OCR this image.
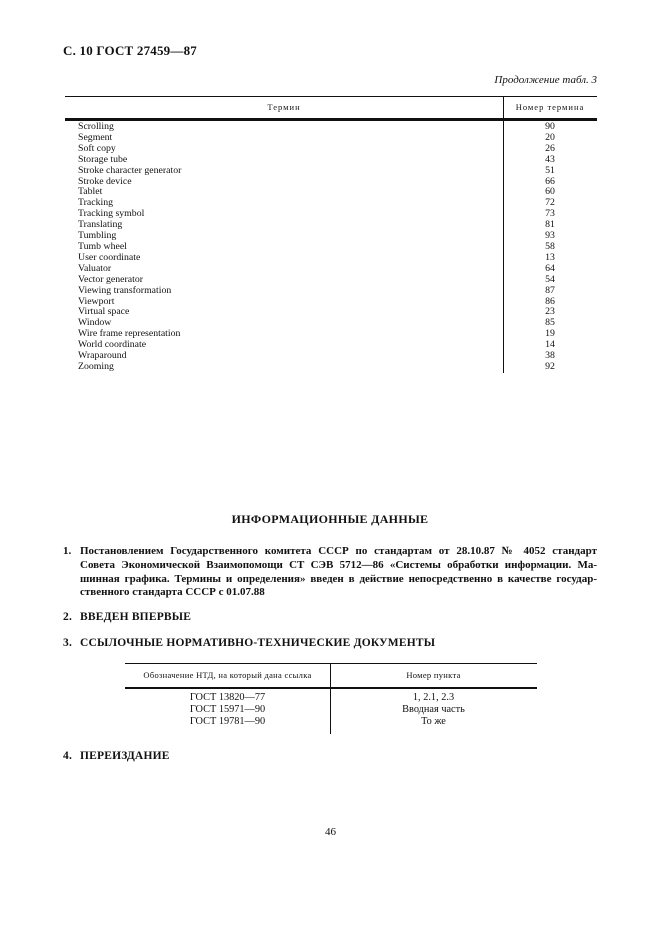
С. 10 ГОСТ 27459—87
Продолжение табл. 3
Термин	Номер термина
Scrolling	90
Segment	20
Soft copy	26
Storage tube	43
Stroke character generator	51
Stroke device	66
Tablet	60
Tracking	72
Tracking symbol	73
Translating	81
Tumbling	93
Tumb wheel	58
User coordinate	13
Valuator	64
Vector generator	54
Viewing transformation	87
Viewport	86
Virtual space	23
Window	85
Wire frame representation	19
World coordinate	14
Wraparound	38
Zooming	92
ИНФОРМАЦИОННЫЕ ДАННЫЕ
1. Постановлением Государственного комитета СССР по стандартам от 28.10.87 № 4052 стандарт
Совета Экономической Взаимопомощи СТ СЭВ 5712—86 «Системы обработки информации. Ма-
шинная графика. Термины и определения» введен в действие непосредственно в качестве государ-
ственного стандарта СССР с 01.07.88
2. ВВЕДЕН ВПЕРВЫЕ
3. ССЫЛОЧНЫЕ НОРМАТИВНО-ТЕХНИЧЕСКИЕ ДОКУМЕНТЫ
Обозначение НТД, на который дана ссылка	Номер пункта
ГОСТ 13820—77	1, 2.1, 2.3
ГОСТ 15971—90	Вводная часть
ГОСТ 19781—90	То же
4. ПЕРЕИЗДАНИЕ
46
